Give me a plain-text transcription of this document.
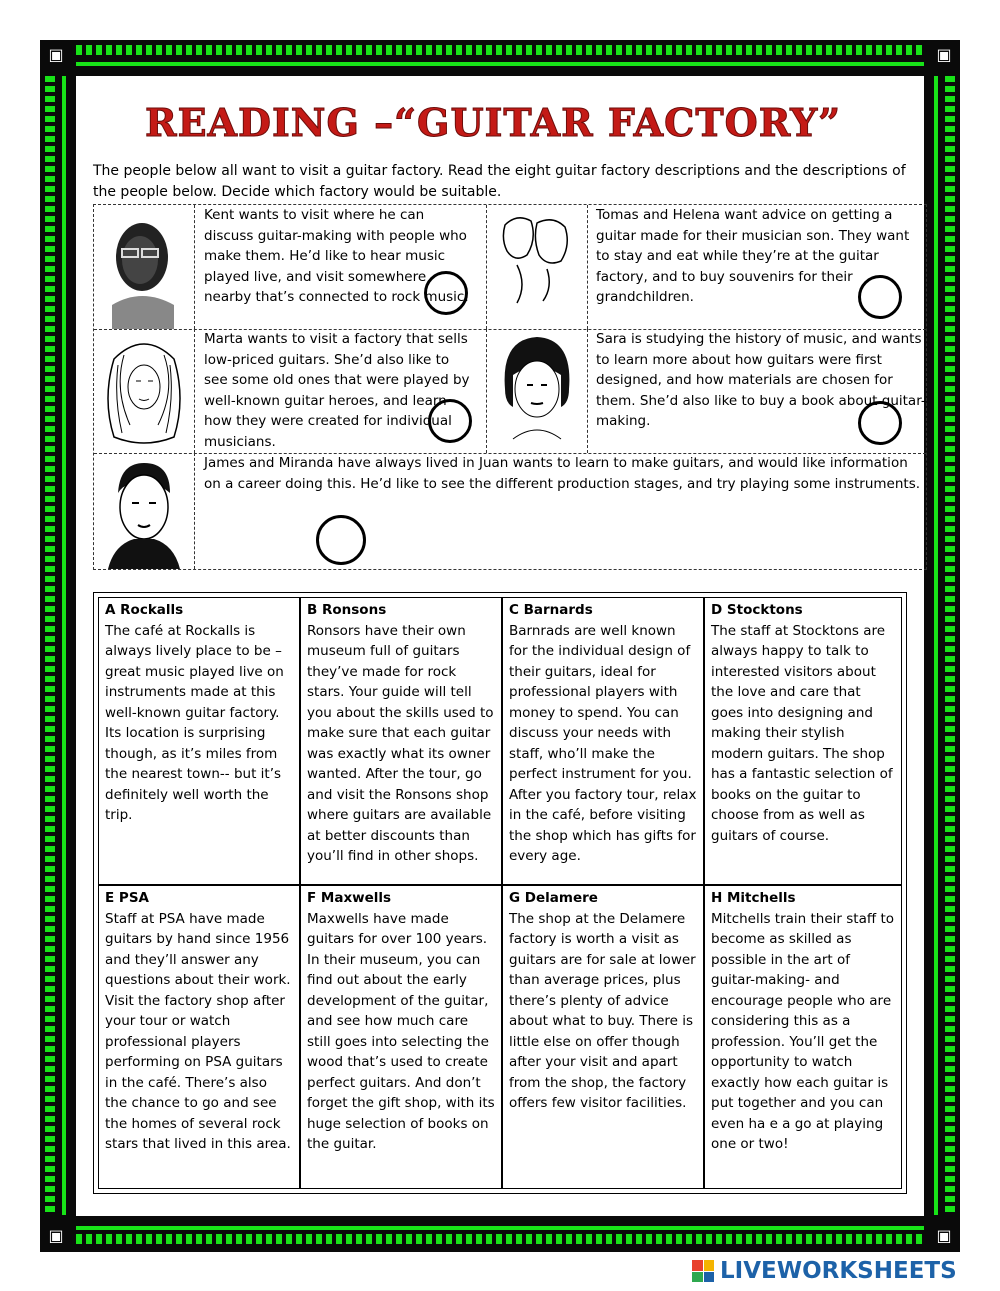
▣	▣
▣	▣
READING –“GUITAR FACTORY”
The people below all want to visit a guitar factory. Read the eight guitar factory descriptions and the descriptions of the people below. Decide which factory would be suitable.
Kent wants to visit where he can discuss guitar-making with people who make them. He’d like to hear music played live, and visit somewhere nearby that’s connected to rock music.
Tomas and Helena want advice on getting a guitar made for their musician son. They want to stay and eat while they’re at the guitar factory, and to buy souvenirs for their grandchildren.
Marta wants to visit a factory that sells low-priced guitars. She’d also like to see some old ones that were played by well-known guitar heroes, and learn how they were created for individual musicians.
Sara is studying the history of music, and wants to learn more about how guitars were first designed, and how materials are chosen for them. She’d also like to buy a book about guitar-making.
James and Miranda have always lived in Juan wants to learn to make guitars, and would like information on a career doing this. He’d like to see the different production stages, and try playing some instruments.
A Rockalls

The café at Rockalls is always lively place to be – great music played live on instruments made at this well-known guitar factory. Its location is surprising though, as it’s miles from the nearest town-- but it’s definitely well worth the trip.

B Ronsons

Ronsors have their own museum full of guitars they’ve made for rock stars. Your guide will tell you about the skills used to make sure that each guitar was exactly what its owner wanted. After the tour, go and visit the Ronsons shop where guitars are available at better discounts than you’ll find in other shops.

C Barnards

Barnrads are well known for the individual design of their guitars, ideal for professional players with money to spend. You can discuss your needs with staff, who’ll make the perfect instrument for you. After you factory tour, relax in the café, before visiting the shop which has gifts for every age.

D Stocktons

The staff at Stocktons are always happy to talk to interested visitors about the love and care that goes into designing and making their stylish modern guitars. The shop has a fantastic selection of books on the guitar to choose from as well as guitars of course.

E PSA

Staff at PSA have made guitars by hand since 1956 and they’ll answer any questions about their work. Visit the factory shop after your tour or watch professional players performing on PSA guitars in the café. There’s also the chance to go and see the homes of several rock stars that lived in this area.

F Maxwells

Maxwells have made guitars for over 100 years. In their museum, you can find out about the early development of the guitar, and see how much care still goes into selecting the wood that’s used to create perfect guitars. And don’t forget the gift shop, with its huge selection of books on the guitar.

G Delamere

The shop at the Delamere factory is worth a visit as guitars are for sale at lower than average prices, plus there’s plenty of advice about what to buy. There is little else on offer though after your visit and apart from the shop, the factory offers few visitor facilities.

H Mitchells

Mitchells train their staff to become as skilled as possible in the art of guitar-making- and encourage people who are considering this as a profession. You’ll get the opportunity to watch exactly how each guitar is put together and you can even ha e a go at playing one or two!

LIVEWORKSHEETS
